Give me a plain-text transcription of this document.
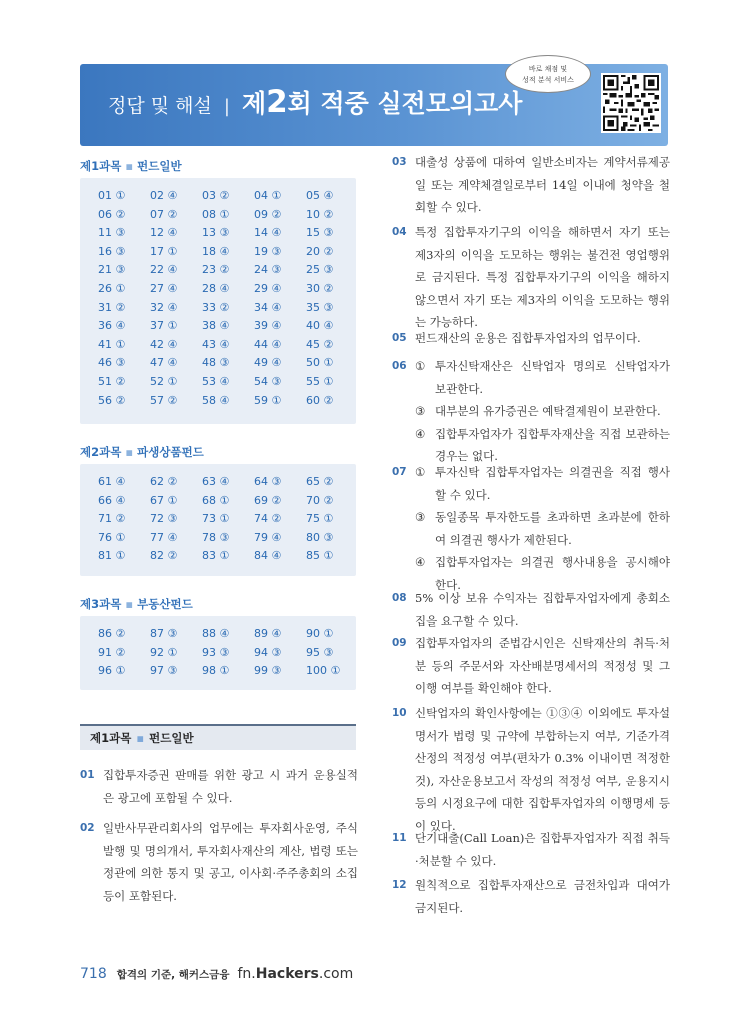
정답 및 해설 | 제 2 회 적중 실전모의고사
바로 채점 및
성적 분석 서비스
제1과목 ▪ 펀드일반
01 ①	02 ④	03 ②	04 ①	05 ④
06 ②	07 ②	08 ①	09 ②	10 ②
11 ③	12 ④	13 ③	14 ④	15 ③
16 ③	17 ①	18 ④	19 ③	20 ②
21 ③	22 ④	23 ②	24 ③	25 ③
26 ①	27 ④	28 ④	29 ④	30 ②
31 ②	32 ④	33 ②	34 ④	35 ③
36 ④	37 ①	38 ④	39 ④	40 ④
41 ①	42 ④	43 ④	44 ④	45 ②
46 ③	47 ④	48 ③	49 ④	50 ①
51 ②	52 ①	53 ④	54 ③	55 ①
56 ②	57 ②	58 ④	59 ①	60 ②
제2과목 ▪ 파생상품펀드
61 ④	62 ②	63 ④	64 ③	65 ②
66 ④	67 ①	68 ①	69 ②	70 ②
71 ②	72 ③	73 ①	74 ②	75 ①
76 ①	77 ④	78 ③	79 ④	80 ③
81 ①	82 ②	83 ①	84 ④	85 ①
제3과목 ▪ 부동산펀드
86 ②	87 ③	88 ④	89 ④	90 ①
91 ②	92 ①	93 ③	94 ③	95 ③
96 ①	97 ③	98 ①	99 ③	100 ①
제1과목 ▪ 펀드일반
01 집합투자증권 판매를 위한 광고 시 과거 운용실적은 광고에 포함될 수 있다.
02 일반사무관리회사의 업무에는 투자회사운영, 주식 발행 및 명의개서, 투자회사재산의 계산, 법령 또는 정관에 의한 통지 및 공고, 이사회·주주총회의 소집 등이 포함된다.
03 대출성 상품에 대하여 일반소비자는 계약서류제공일 또는 계약체결일로부터 14일 이내에 청약을 철회할 수 있다.
04 특정 집합투자기구의 이익을 해하면서 자기 또는 제3자의 이익을 도모하는 행위는 불건전 영업행위로 금지된다. 특정 집합투자기구의 이익을 해하지 않으면서 자기 또는 제3자의 이익을 도모하는 행위는 가능하다.
05 펀드재산의 운용은 집합투자업자의 업무이다.
06 ① 투자신탁재산은 신탁업자 명의로 신탁업자가 보관한다.
③ 대부분의 유가증권은 예탁결제원이 보관한다.
④ 집합투자업자가 집합투자재산을 직접 보관하는 경우는 없다.
07 ① 투자신탁 집합투자업자는 의결권을 직접 행사할 수 있다.
③ 동일종목 투자한도를 초과하면 초과분에 한하여 의결권 행사가 제한된다.
④ 집합투자업자는 의결권 행사내용을 공시해야 한다.
08 5% 이상 보유 수익자는 집합투자업자에게 총회소집을 요구할 수 있다.
09 집합투자업자의 준법감시인은 신탁재산의 취득·처분 등의 주문서와 자산배분명세서의 적정성 및 그 이행 여부를 확인해야 한다.
10 신탁업자의 확인사항에는 ①③④ 이외에도 투자설명서가 법령 및 규약에 부합하는지 여부, 기준가격 산정의 적정성 여부(편차가 0.3% 이내이면 적정한 것), 자산운용보고서 작성의 적정성 여부, 운용지시 등의 시정요구에 대한 집합투자업자의 이행명세 등이 있다.
11 단기대출(Call Loan)은 집합투자업자가 직접 취득·처분할 수 있다.
12 원칙적으로 집합투자재산으로 금전차입과 대여가 금지된다.
718 합격의 기준, 해커스금융 fn.Hackers.com
